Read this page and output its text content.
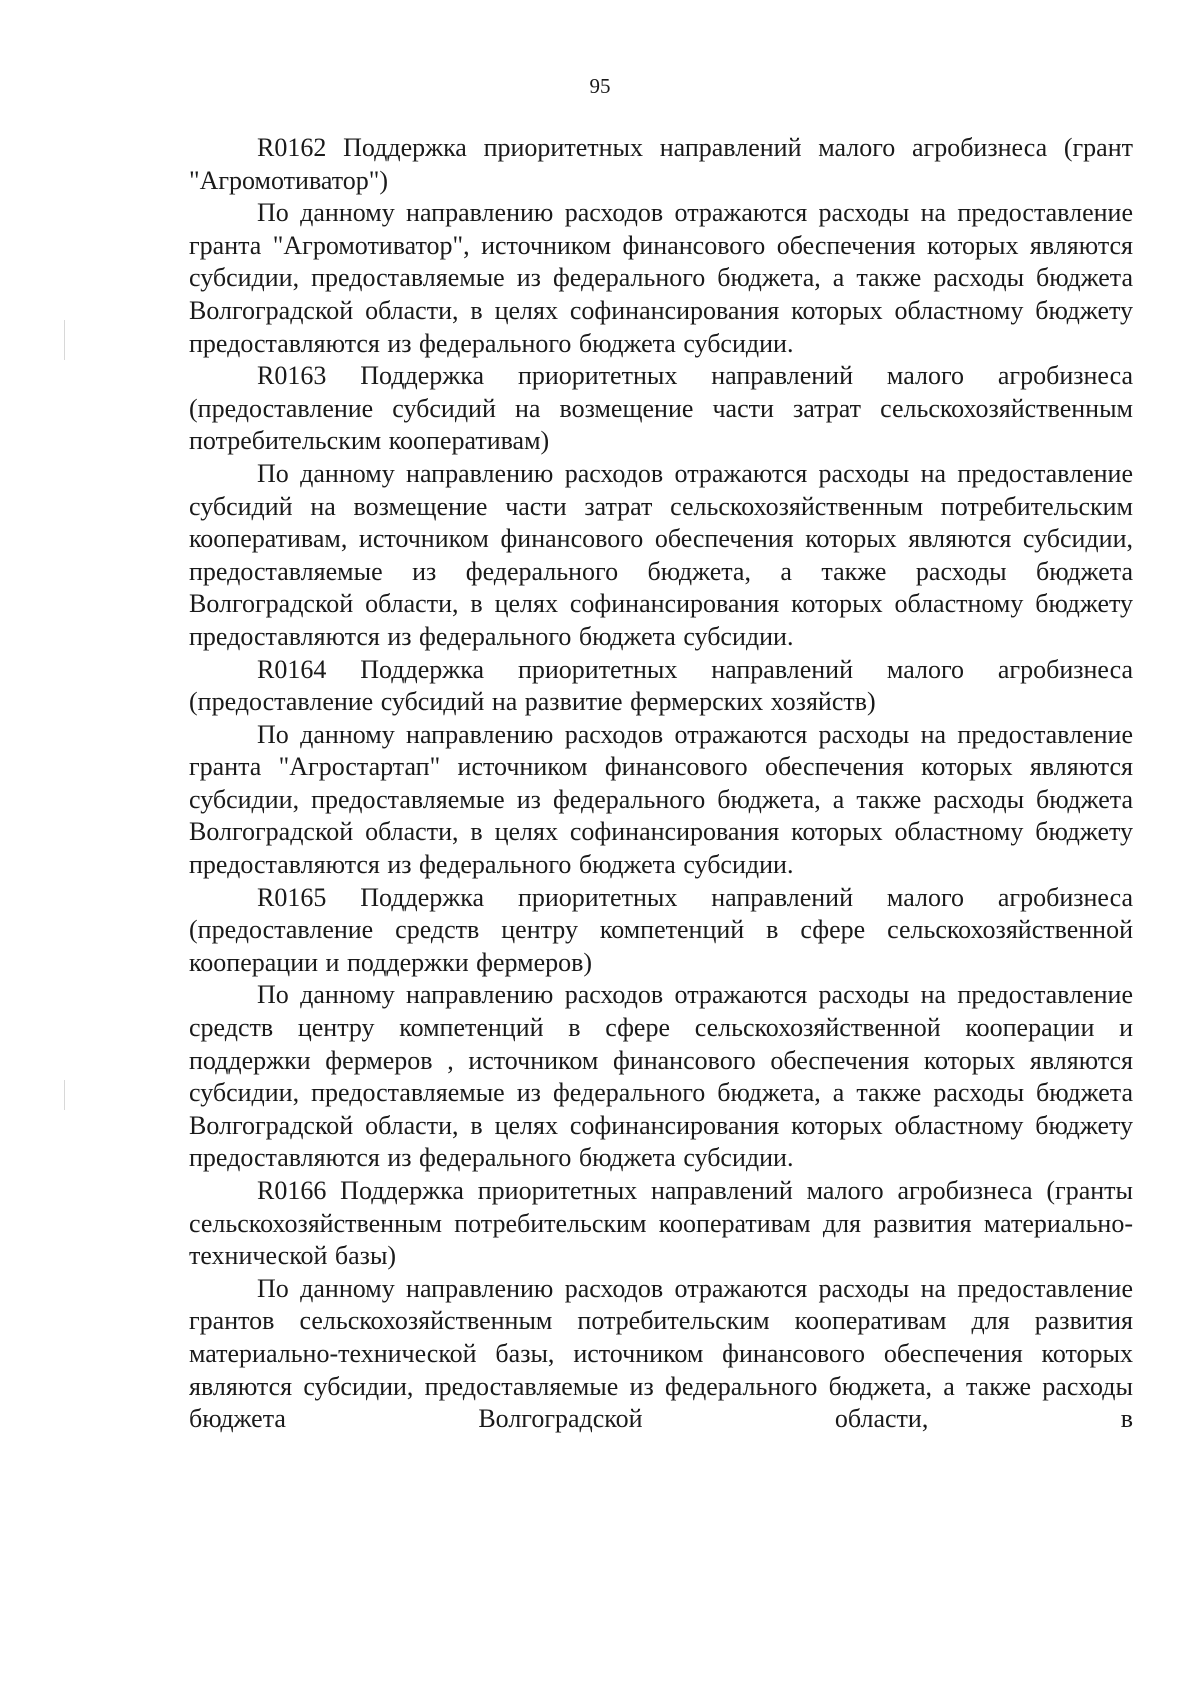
95

R0162 Поддержка приоритетных направлений малого агробизнеса (грант "Агромотиватор")

По данному направлению расходов отражаются расходы на предоставление гранта "Агромотиватор", источником финансового обеспечения которых являются субсидии, предоставляемые из федерального бюджета, а также расходы бюджета Волгоградской области, в целях софинансирования которых областному бюджету предоставляются из федерального бюджета субсидии.

R0163 Поддержка приоритетных направлений малого агробизнеса (предоставление субсидий на возмещение части затрат сельскохозяйственным потребительским кооперативам)

По данному направлению расходов отражаются расходы на предоставление субсидий на возмещение части затрат сельскохозяйственным потребительским кооперативам, источником финансового обеспечения которых являются субсидии, предоставляемые из федерального бюджета, а также расходы бюджета Волгоградской области, в целях софинансирования которых областному бюджету предоставляются из федерального бюджета субсидии.

R0164 Поддержка приоритетных направлений малого агробизнеса (предоставление субсидий на развитие фермерских хозяйств)

По данному направлению расходов отражаются расходы на предоставление гранта "Агростартап" источником финансового обеспечения которых являются субсидии, предоставляемые из федерального бюджета, а также расходы бюджета Волгоградской области, в целях софинансирования которых областному бюджету предоставляются из федерального бюджета субсидии.

R0165 Поддержка приоритетных направлений малого агробизнеса (предоставление средств центру компетенций в сфере сельскохозяйственной кооперации и поддержки фермеров)

По данному направлению расходов отражаются расходы на предоставление средств центру компетенций в сфере сельскохозяйственной кооперации и поддержки фермеров , источником финансового обеспечения которых являются субсидии, предоставляемые из федерального бюджета, а также расходы бюджета Волгоградской области, в целях софинансирования которых областному бюджету предоставляются из федерального бюджета субсидии.

R0166 Поддержка приоритетных направлений малого агробизнеса (гранты сельскохозяйственным потребительским кооперативам для развития материально-технической базы)

По данному направлению расходов отражаются расходы на предоставление грантов сельскохозяйственным потребительским кооперативам для развития материально-технической базы, источником финансового обеспечения которых являются субсидии, предоставляемые из федерального бюджета, а также расходы бюджета Волгоградской области, в
